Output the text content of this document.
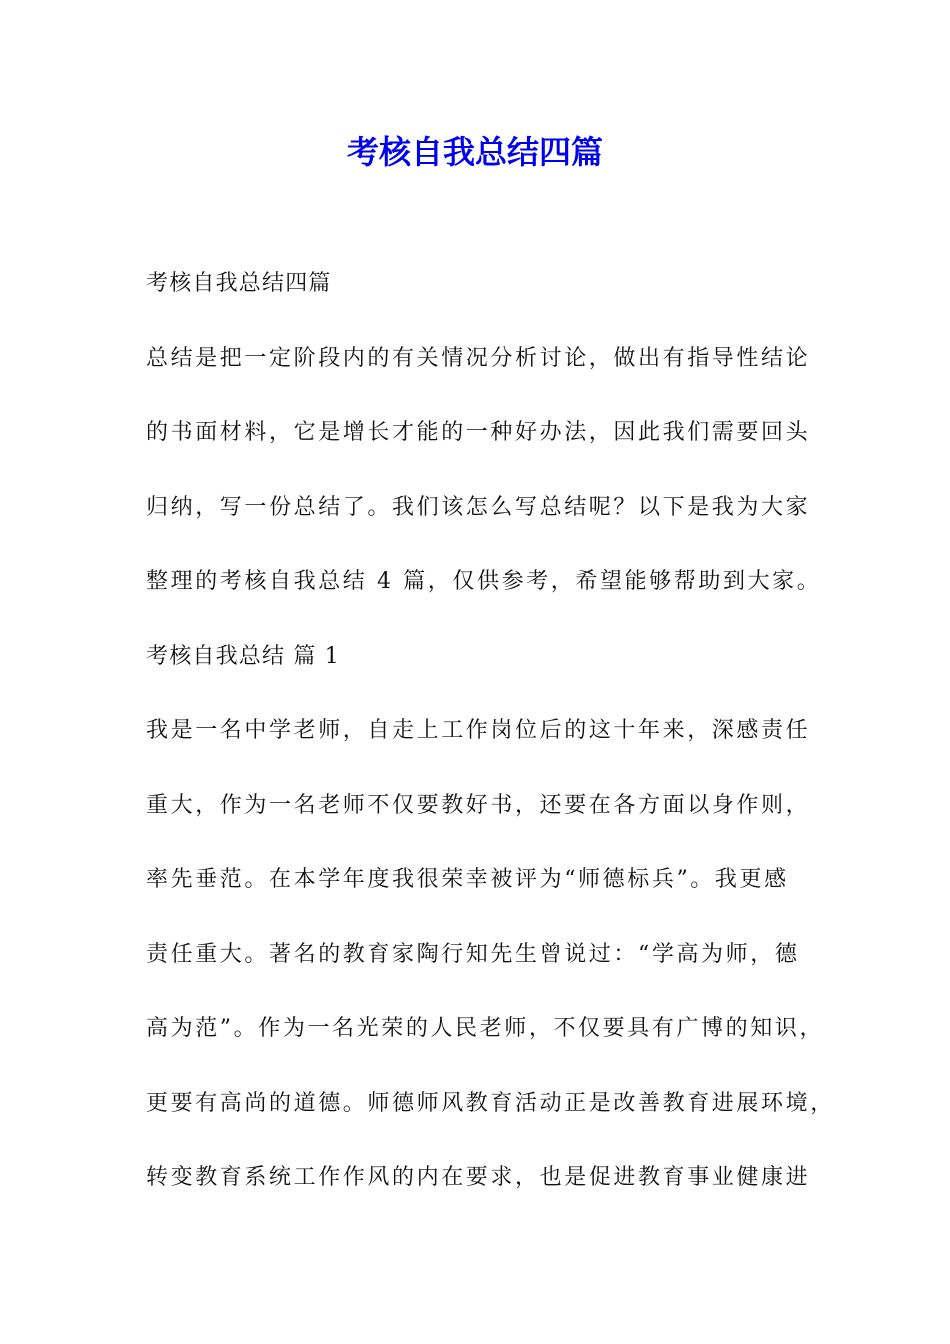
考核自我总结四篇
考核自我总结四篇
总结是把一定阶段内的有关情况分析讨论，做出有指导性结论
的书面材料，它是增长才能的一种好办法，因此我们需要回头
归纳，写一份总结了。我们该怎么写总结呢？以下是我为大家
整理的考核自我总结 4 篇，仅供参考，希望能够帮助到大家。
考核自我总结 篇 1
我是一名中学老师，自走上工作岗位后的这十年来，深感责任
重大，作为一名老师不仅要教好书，还要在各方面以身作则，
率先垂范。在本学年度我很荣幸被评为“师德标兵”。我更感
责任重大。著名的教育家陶行知先生曾说过：“学高为师，德
高为范”。作为一名光荣的人民老师，不仅要具有广博的知识，
更要有高尚的道德。师德师风教育活动正是改善教育进展环境，
转变教育系统工作作风的内在要求，也是促进教育事业健康进
